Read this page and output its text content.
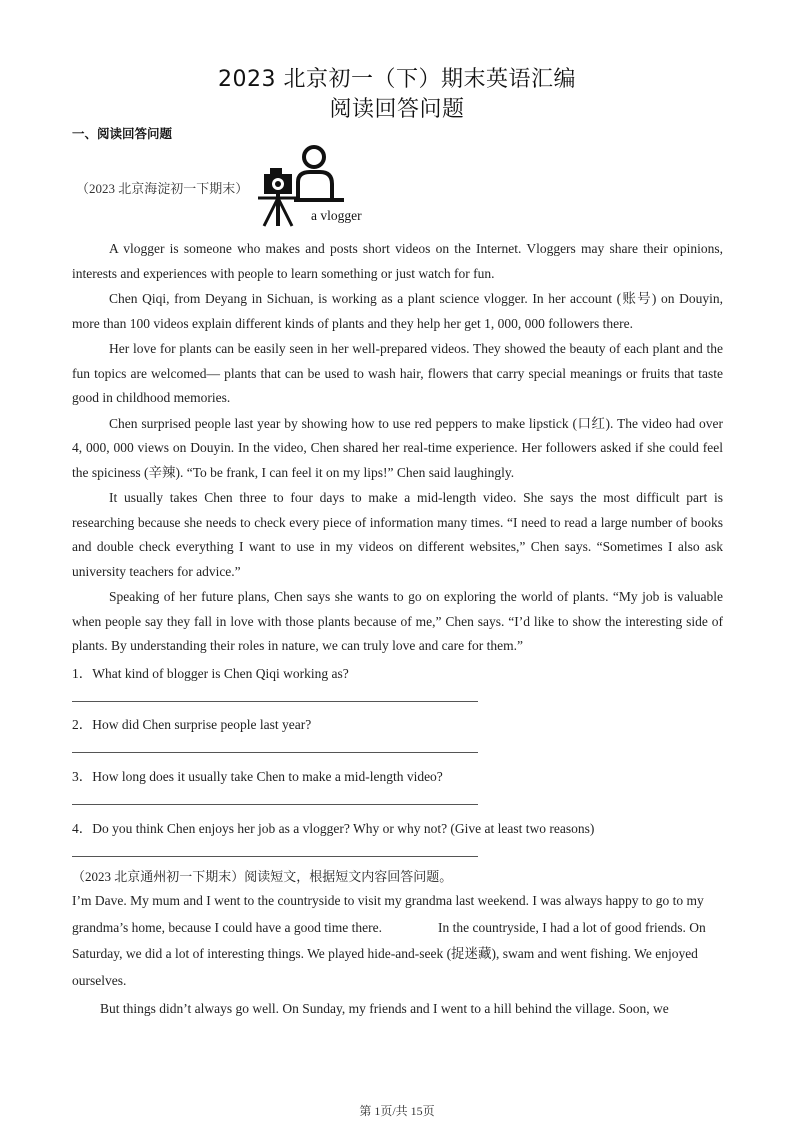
2023 北京初一（下）期末英语汇编
阅读回答问题
一、阅读回答问题
（2023 北京海淀初一下期末）
a vlogger

A vlogger is someone who makes and posts short videos on the Internet. Vloggers may share their opinions, interests and experiences with people to learn something or just watch for fun.

Chen Qiqi, from Deyang in Sichuan, is working as a plant science vlogger. In her account (账号) on Douyin, more than 100 videos explain different kinds of plants and they help her get 1, 000, 000 followers there.

Her love for plants can be easily seen in her well-prepared videos. They showed the beauty of each plant and the fun topics are welcomed— plants that can be used to wash hair, flowers that carry special meanings or fruits that taste good in childhood memories.

Chen surprised people last year by showing how to use red peppers to make lipstick (口红). The video had over 4, 000, 000 views on Douyin. In the video, Chen shared her real-time experience. Her followers asked if she could feel the spiciness (辛辣). “To be frank, I can feel it on my lips!” Chen said laughingly.

It usually takes Chen three to four days to make a mid-length video. She says the most difficult part is researching because she needs to check every piece of information many times. “I need to read a large number of books and double check everything I want to use in my videos on different websites,” Chen says. “Sometimes I also ask university teachers for advice.”

Speaking of her future plans, Chen says she wants to go on exploring the world of plants. “My job is valuable when people say they fall in love with those plants because of me,” Chen says. “I’d like to show the interesting side of plants. By understanding their roles in nature, we can truly love and care for them.”

1．What kind of blogger is Chen Qiqi working as?
2．How did Chen surprise people last year?
3．How long does it usually take Chen to make a mid-length video?
4．Do you think Chen enjoys her job as a vlogger? Why or why not? (Give at least two reasons)
（2023 北京通州初一下期末）阅读短文，根据短文内容回答问题。

I’m Dave. My mum and I went to the countryside to visit my grandma last weekend. I was always happy to go to my grandma’s home, because I could have a good time there.	In the countryside, I had a lot of good friends. On Saturday, we did a lot of interesting things. We played hide-and-seek (捉迷藏), swam and went fishing. We enjoyed ourselves.

But things didn’t always go well. On Sunday, my friends and I went to a hill behind the village. Soon, we

第 1页/共 15页
